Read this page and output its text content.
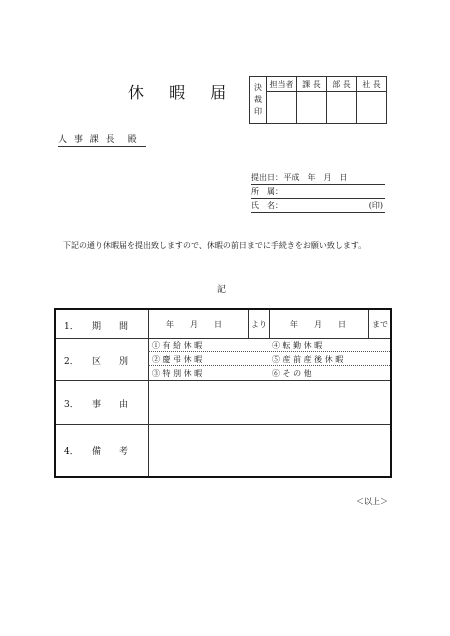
休 暇 届	決
裁
印	担当者	課 長	部 長	社 長

人 事 課 長　殿
提出日： 平成　年　月　日
所　属：
氏　名：	(印)
下記の通り休暇届を提出致しますので、休暇の前日までに手続きをお願い致します。
記
1． 期　　間	年　　月　　日	より	年　　月　　日	まで
2． 区　　別
① 有 給 休 暇	④ 転 勤 休 暇
② 慶 弔 休 暇	⑤ 産 前 産 後 休 暇
③ 特 別 休 暇	⑥ そ の 他
3． 事　　由
4． 備　　考
＜以上＞
